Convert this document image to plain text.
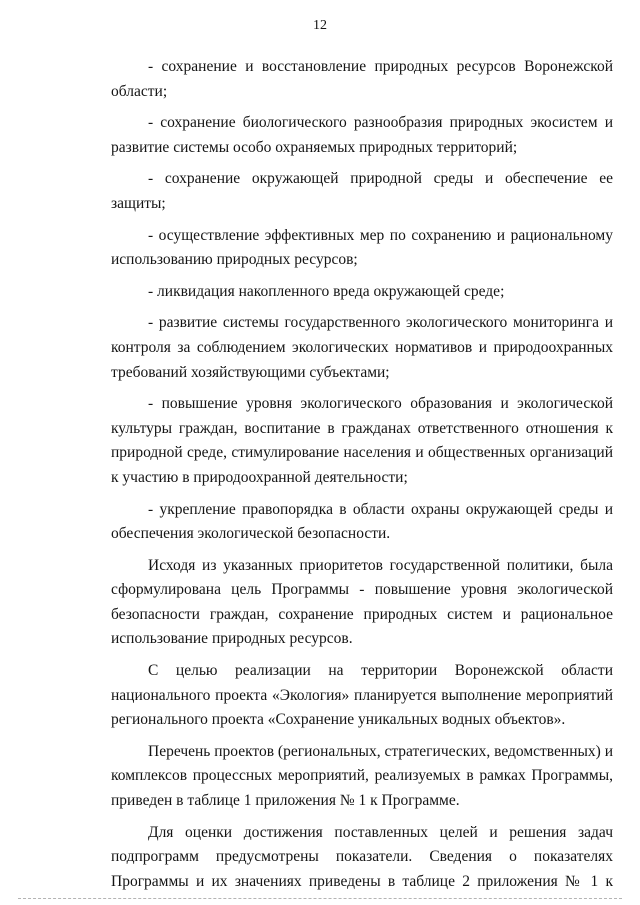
12

- сохранение и восстановление природных ресурсов Воронежской области;

- сохранение биологического разнообразия природных экосистем и развитие системы особо охраняемых природных территорий;

- сохранение окружающей природной среды и обеспечение ее защиты;

- осуществление эффективных мер по сохранению и рациональному использованию природных ресурсов;

- ликвидация накопленного вреда окружающей среде;

- развитие системы государственного экологического мониторинга и контроля за соблюдением экологических нормативов и природоохранных требований хозяйствующими субъектами;

- повышение уровня экологического образования и экологической культуры граждан, воспитание в гражданах ответственного отношения к природной среде, стимулирование населения и общественных организаций к участию в природоохранной деятельности;

- укрепление правопорядка в области охраны окружающей среды и обеспечения экологической безопасности.

Исходя из указанных приоритетов государственной политики, была сформулирована цель Программы - повышение уровня экологической безопасности граждан, сохранение природных систем и рациональное использование природных ресурсов.

С целью реализации на территории Воронежской области национального проекта «Экология» планируется выполнение мероприятий регионального проекта «Сохранение уникальных водных объектов».

Перечень проектов (региональных, стратегических, ведомственных) и комплексов процессных мероприятий, реализуемых в рамках Программы, приведен в таблице 1 приложения № 1 к Программе.

Для оценки достижения поставленных целей и решения задач подпрограмм предусмотрены показатели. Сведения о показателях Программы и их значениях приведены в таблице 2 приложения № 1 к
